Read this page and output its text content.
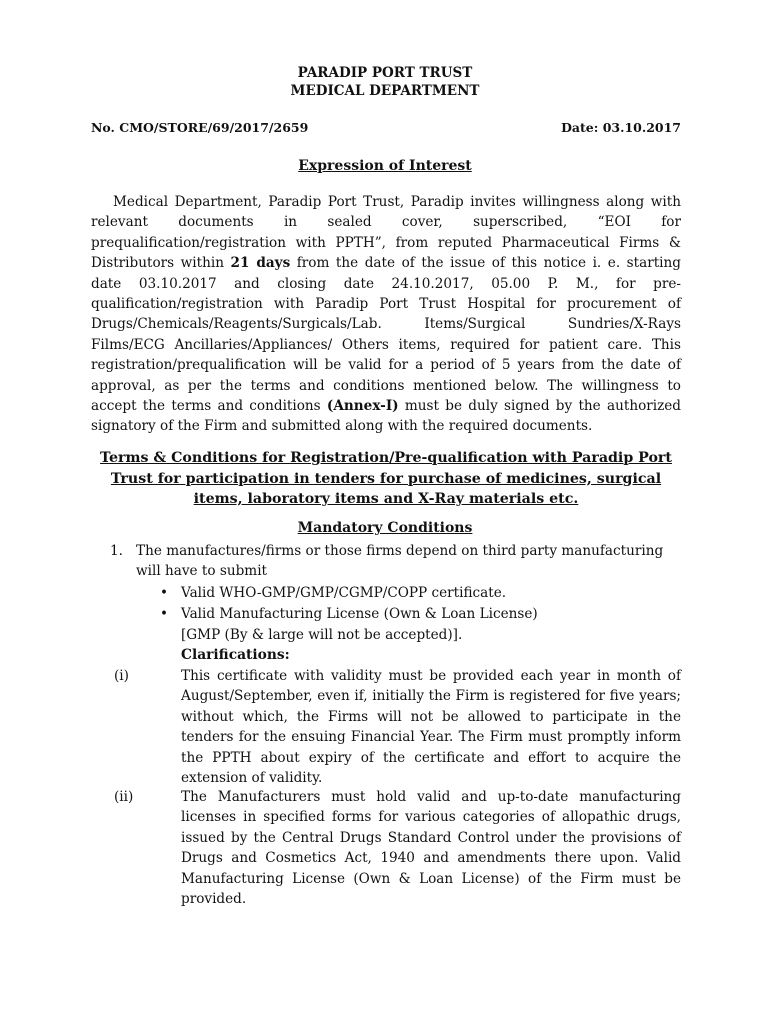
PARADIP PORT TRUST
MEDICAL DEPARTMENT
No. CMO/STORE/69/2017/2659	Date: 03.10.2017
Expression of Interest

Medical Department, Paradip Port Trust, Paradip invites willingness along with relevant documents in sealed cover, superscribed, “EOI for prequalification/registration with PPTH”, from reputed Pharmaceutical Firms & Distributors within 21 days from the date of the issue of this notice i. e. starting date 03.10.2017 and closing date 24.10.2017, 05.00 P. M., for pre-qualification/registration with Paradip Port Trust Hospital for procurement of Drugs/Chemicals/Reagents/Surgicals/Lab. Items/Surgical Sundries/X-Rays Films/ECG Ancillaries/Appliances/ Others items, required for patient care. This registration/prequalification will be valid for a period of 5 years from the date of approval, as per the terms and conditions mentioned below. The willingness to accept the terms and conditions (Annex-I) must be duly signed by the authorized signatory of the Firm and submitted along with the required documents.

Terms & Conditions for Registration/Pre-qualification with Paradip Port Trust for participation in tenders for purchase of medicines, surgical items, laboratory items and X-Ray materials etc.
Mandatory Conditions
1. The manufactures/firms or those firms depend on third party manufacturing will have to submit
• Valid WHO-GMP/GMP/CGMP/COPP certificate.
• Valid Manufacturing License (Own & Loan License)
[GMP (By & large will not be accepted)].
Clarifications:
(i)	This certificate with validity must be provided each year in month of August/September, even if, initially the Firm is registered for five years; without which, the Firms will not be allowed to participate in the tenders for the ensuing Financial Year. The Firm must promptly inform the PPTH about expiry of the certificate and effort to acquire the extension of validity.
(ii)	The Manufacturers must hold valid and up-to-date manufacturing licenses in specified forms for various categories of allopathic drugs, issued by the Central Drugs Standard Control under the provisions of Drugs and Cosmetics Act, 1940 and amendments there upon. Valid Manufacturing License (Own & Loan License) of the Firm must be provided.
